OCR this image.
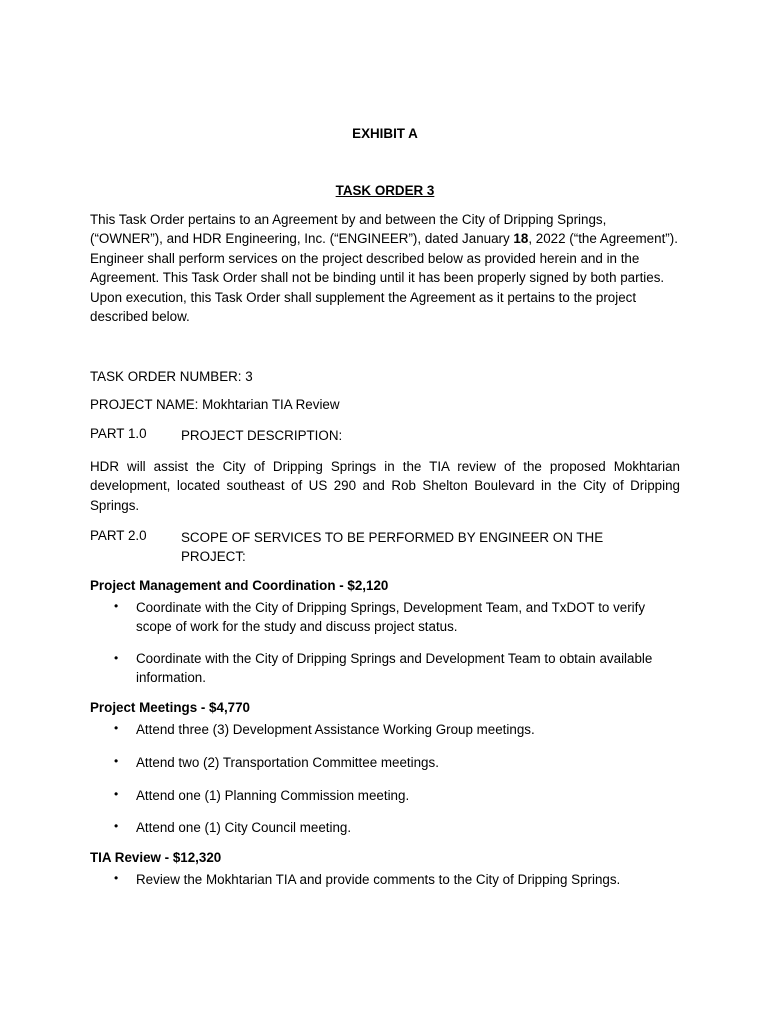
EXHIBIT A
TASK ORDER 3
This Task Order pertains to an Agreement by and between the City of Dripping Springs, (“OWNER”), and HDR Engineering, Inc. (“ENGINEER”), dated January 18, 2022 (“the Agreement”). Engineer shall perform services on the project described below as provided herein and in the Agreement. This Task Order shall not be binding until it has been properly signed by both parties. Upon execution, this Task Order shall supplement the Agreement as it pertains to the project described below.
TASK ORDER NUMBER: 3
PROJECT NAME: Mokhtarian TIA Review
PART 1.0	PROJECT DESCRIPTION:
HDR will assist the City of Dripping Springs in the TIA review of the proposed Mokhtarian development, located southeast of US 290 and Rob Shelton Boulevard in the City of Dripping Springs.
PART 2.0	SCOPE OF SERVICES TO BE PERFORMED BY ENGINEER ON THE PROJECT:
Project Management and Coordination - $2,120
• Coordinate with the City of Dripping Springs, Development Team, and TxDOT to verify scope of work for the study and discuss project status.
• Coordinate with the City of Dripping Springs and Development Team to obtain available information.
Project Meetings - $4,770
• Attend three (3) Development Assistance Working Group meetings.
• Attend two (2) Transportation Committee meetings.
• Attend one (1) Planning Commission meeting.
• Attend one (1) City Council meeting.
TIA Review - $12,320
• Review the Mokhtarian TIA and provide comments to the City of Dripping Springs.
